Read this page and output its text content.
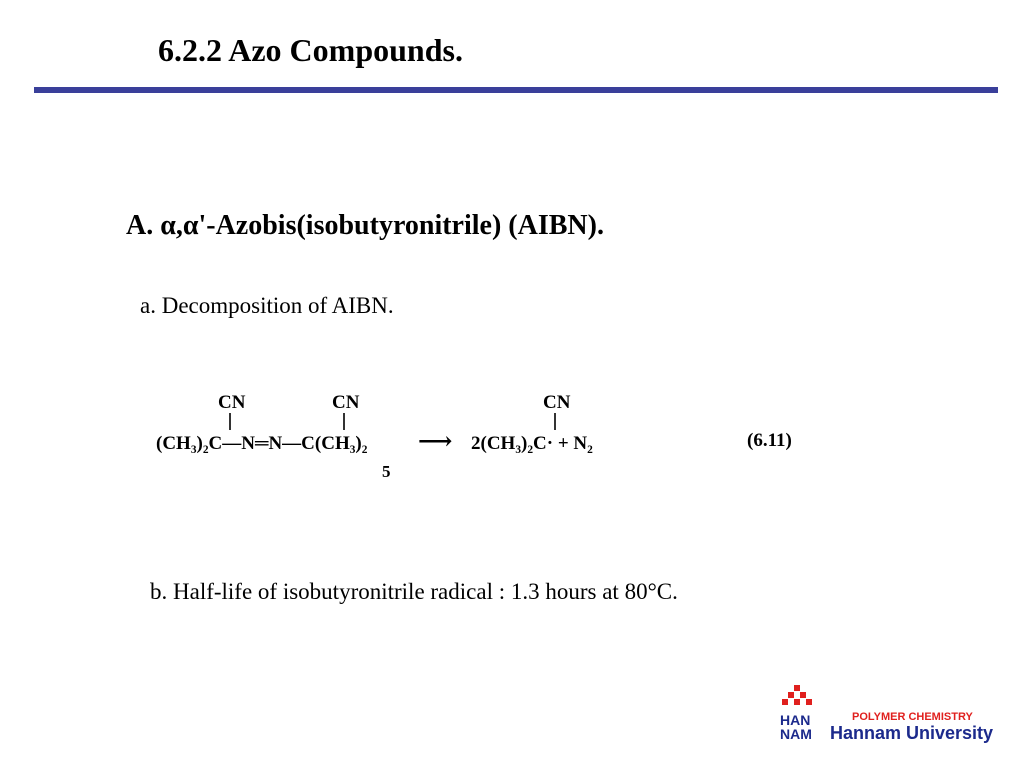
6.2.2 Azo Compounds.
A. α,α'-Azobis(isobutyronitrile) (AIBN).
a. Decomposition of AIBN.
CN	CN	CN
(CH₃)₂C—N═N—C(CH₃)₂ ⟶ 2(CH₃)₂C· + N₂
5
(6.11)
b. Half-life of isobutyronitrile radical : 1.3 hours at 80°C.
HAN
NAM
POLYMER CHEMISTRY
Hannam University
